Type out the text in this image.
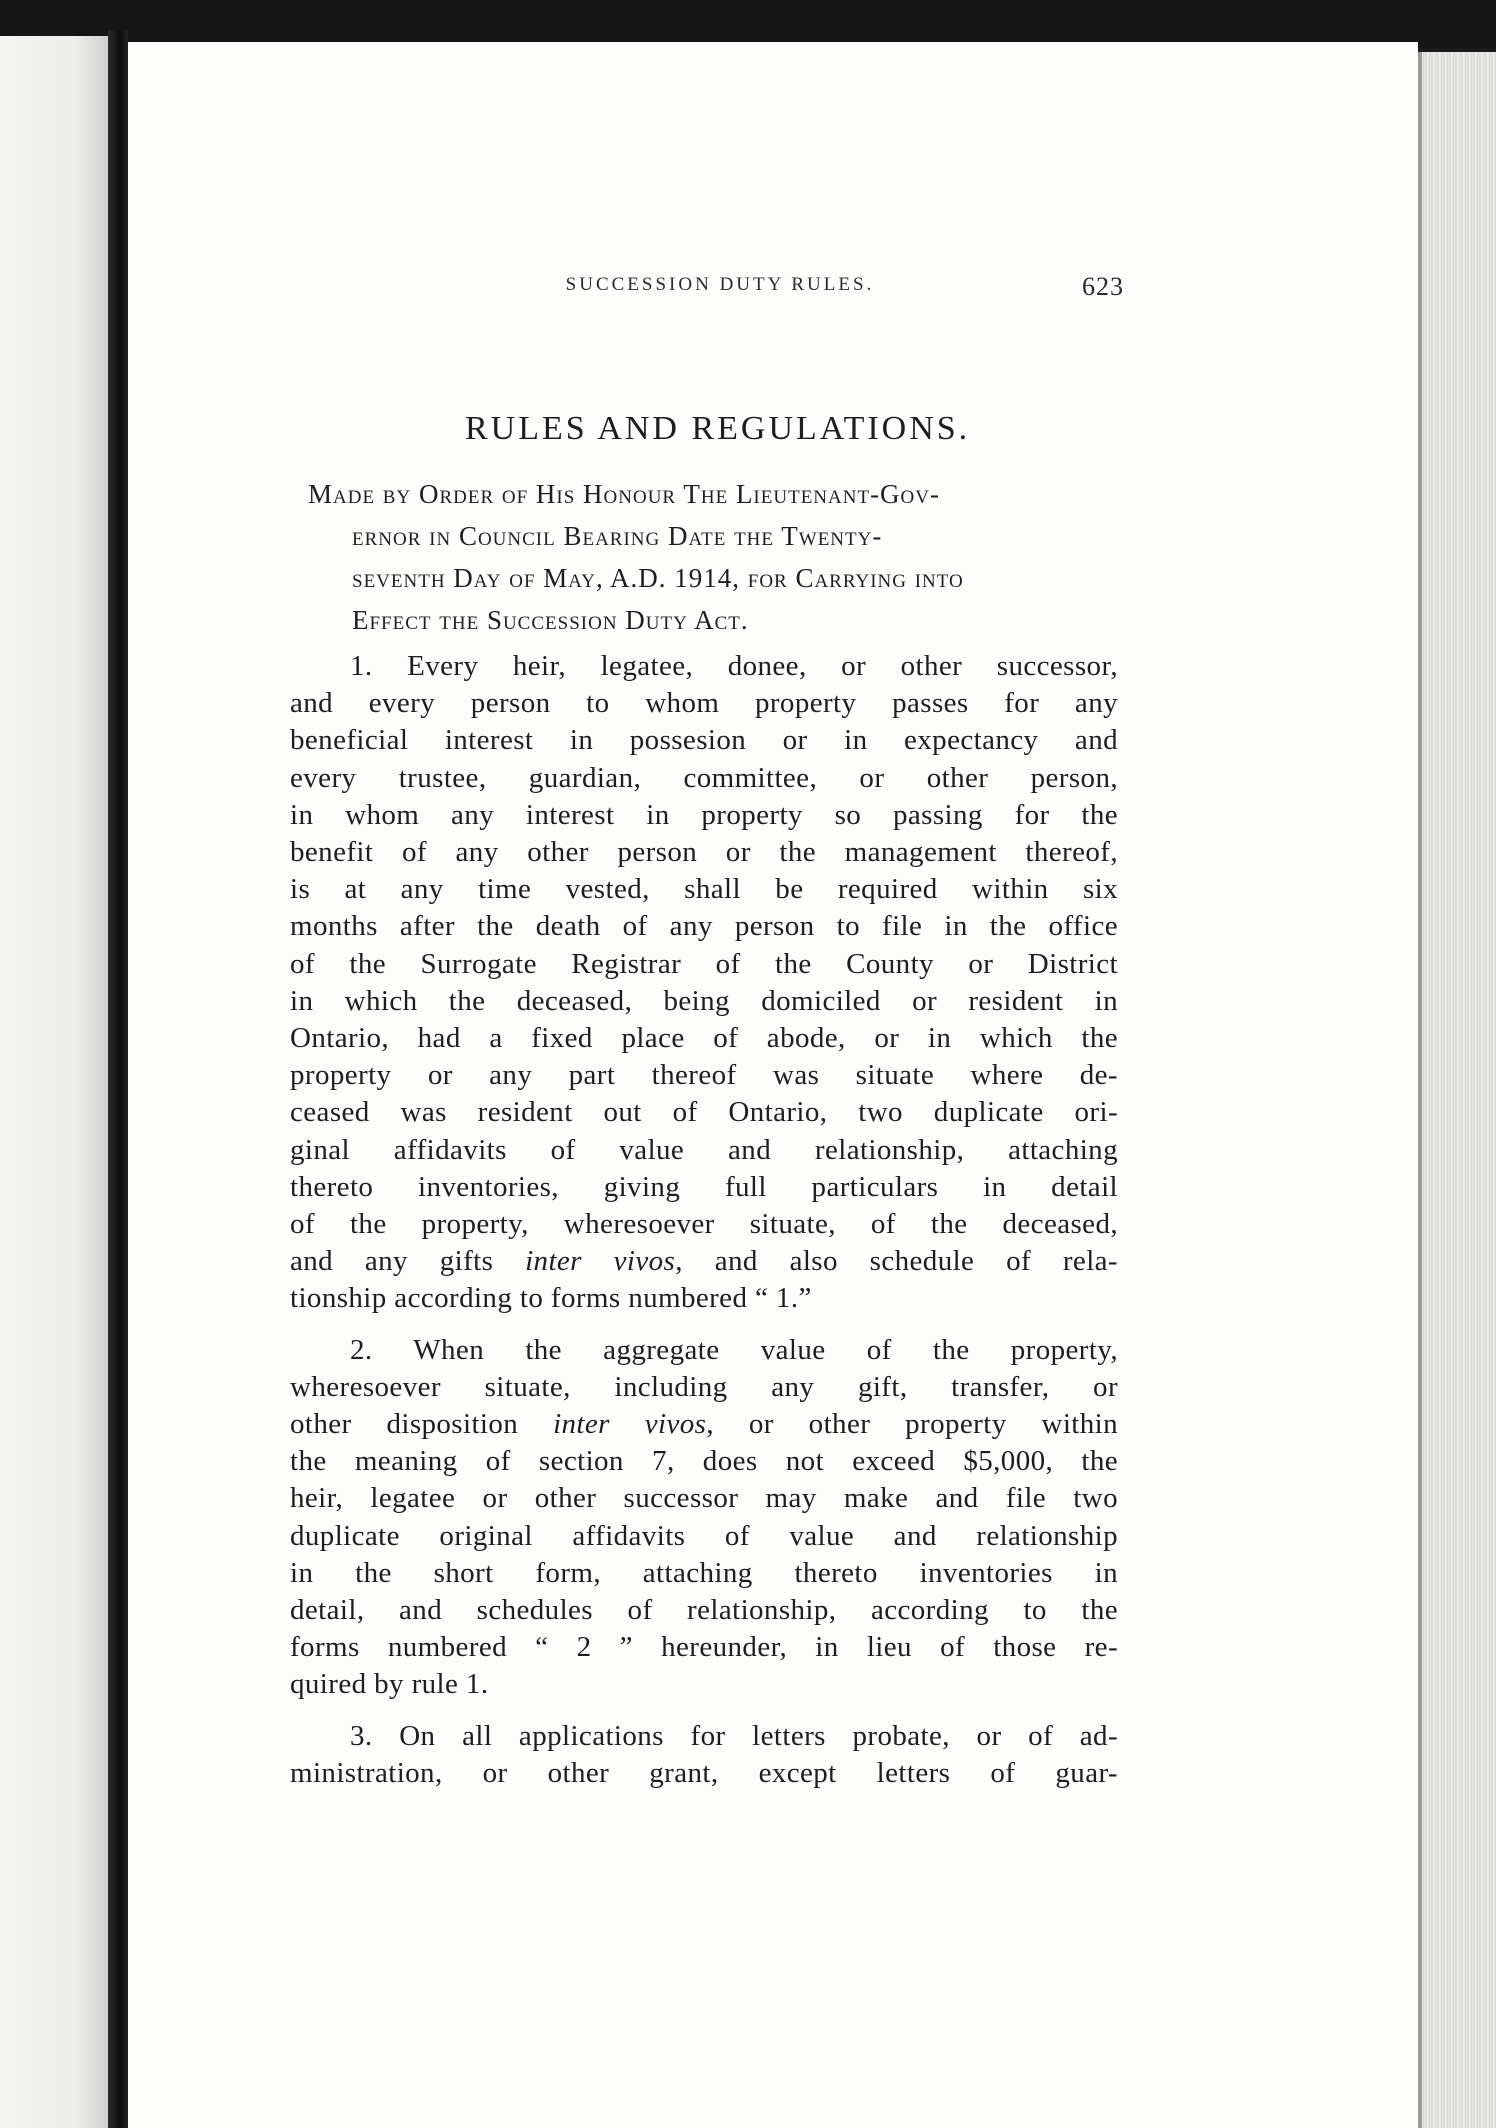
SUCCESSION DUTY RULES.	623
RULES AND REGULATIONS.
Made by Order of His Honour The Lieutenant-Gov-
ernor in Council Bearing Date the Twenty-
seventh Day of May, A.D. 1914, for Carrying into
Effect the Succession Duty Act.

1. Every heir, legatee, donee, or other successor,
and every person to whom property passes for any
beneficial interest in possesion or in expectancy and
every trustee, guardian, committee, or other person,
in whom any interest in property so passing for the
benefit of any other person or the management thereof,
is at any time vested, shall be required within six
months after the death of any person to file in the office
of the Surrogate Registrar of the County or District
in which the deceased, being domiciled or resident in
Ontario, had a fixed place of abode, or in which the
property or any part thereof was situate where de-
ceased was resident out of Ontario, two duplicate ori-
ginal affidavits of value and relationship, attaching
thereto inventories, giving full particulars in detail
of the property, wheresoever situate, of the deceased,
and any gifts inter vivos, and also schedule of rela-
tionship according to forms numbered “ 1.”

2. When the aggregate value of the property,
wheresoever situate, including any gift, transfer, or
other disposition inter vivos, or other property within
the meaning of section 7, does not exceed $5,000, the
heir, legatee or other successor may make and file two
duplicate original affidavits of value and relationship
in the short form, attaching thereto inventories in
detail, and schedules of relationship, according to the
forms numbered “ 2 ” hereunder, in lieu of those re-
quired by rule 1.

3. On all applications for letters probate, or of ad-
ministration, or other grant, except letters of guar-
